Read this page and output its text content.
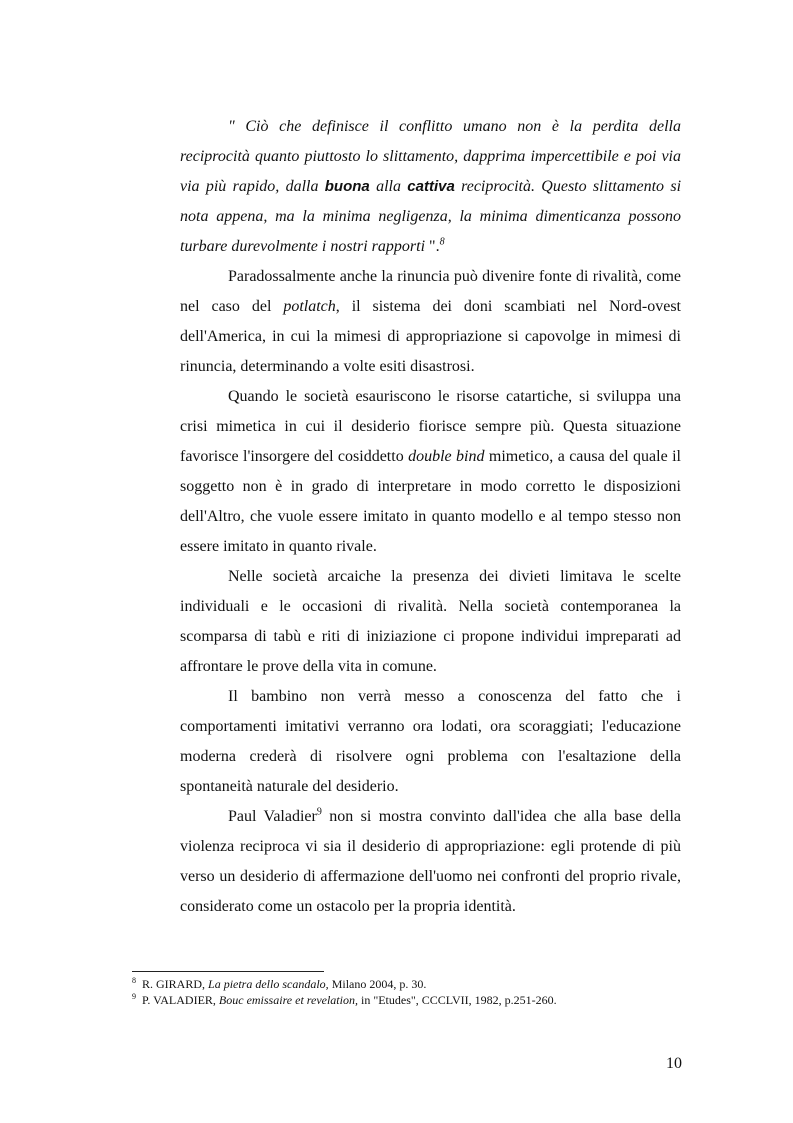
" Ciò che definisce il conflitto umano non è la perdita della reciprocità quanto piuttosto lo slittamento, dapprima impercettibile e poi via via più rapido, dalla buona alla cattiva reciprocità. Questo slittamento si nota appena, ma la minima negligenza, la minima dimenticanza possono turbare durevolmente i nostri rapporti ".$^8$

Paradossalmente anche la rinuncia può divenire fonte di rivalità, come nel caso del potlatch, il sistema dei doni scambiati nel Nord-ovest dell'America, in cui la mimesi di appropriazione si capovolge in mimesi di rinuncia, determinando a volte esiti disastrosi.

Quando le società esauriscono le risorse catartiche, si sviluppa una crisi mimetica in cui il desiderio fiorisce sempre più. Questa situazione favorisce l'insorgere del cosiddetto double bind mimetico, a causa del quale il soggetto non è in grado di interpretare in modo corretto le disposizioni dell'Altro, che vuole essere imitato in quanto modello e al tempo stesso non essere imitato in quanto rivale.

Nelle società arcaiche la presenza dei divieti limitava le scelte individuali e le occasioni di rivalità. Nella società contemporanea la scomparsa di tabù e riti di iniziazione ci propone individui impreparati ad affrontare le prove della vita in comune.

Il bambino non verrà messo a conoscenza del fatto che i comportamenti imitativi verranno ora lodati, ora scoraggiati; l'educazione moderna crederà di risolvere ogni problema con l'esaltazione della spontaneità naturale del desiderio.

Paul Valadier$^9$ non si mostra convinto dall'idea che alla base della violenza reciproca vi sia il desiderio di appropriazione: egli protende di più verso un desiderio di affermazione dell'uomo nei confronti del proprio rivale, considerato come un ostacolo per la propria identità.

$^8$ R. GIRARD, La pietra dello scandalo, Milano 2004, p. 30.

$^9$ P. VALADIER, Bouc emissaire et revelation, in "Etudes", CCCLVII, 1982, p.251-260.

10
